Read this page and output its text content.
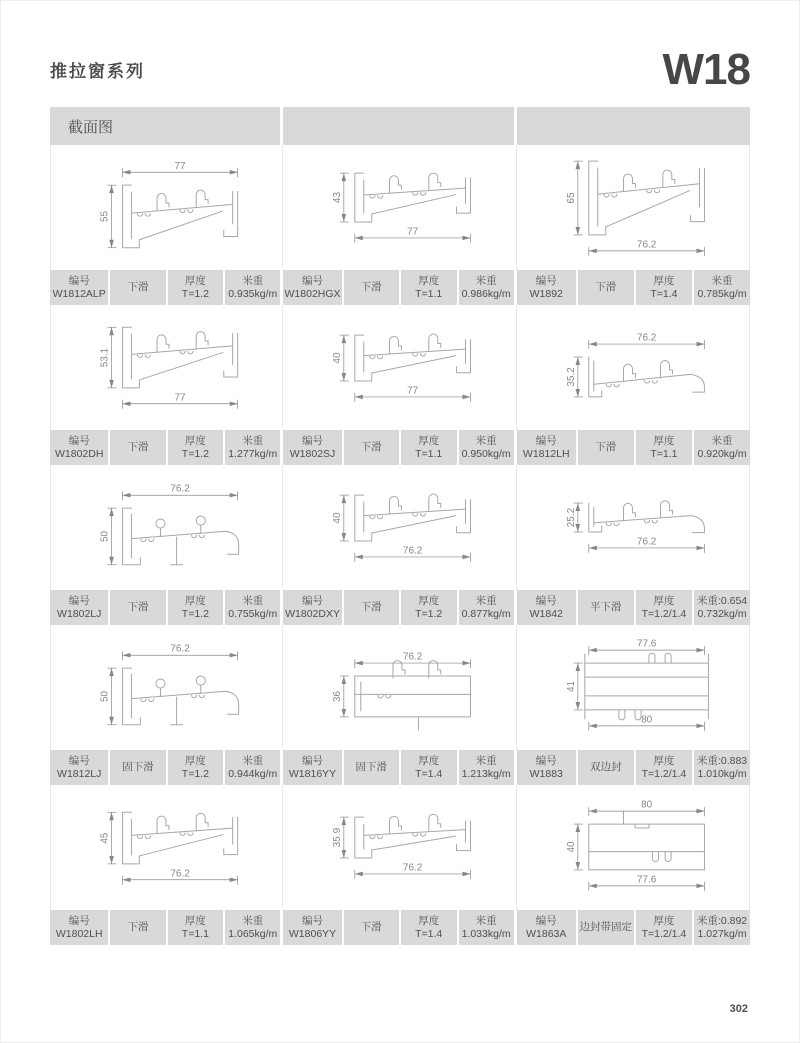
推拉窗系列	W18
截面图
77
55
编号
W1812ALP
下滑
厚度
T=1.2
米重
0.935kg/m
43
77
编号
W1802HGX
下滑
厚度
T=1.1
米重
0.986kg/m
65
76.2
编号
W1892
下滑
厚度
T=1.4
米重
0.785kg/m
53.1
77
编号
W1802DH
下滑
厚度
T=1.2
米重
1.277kg/m
40
77
编号
W1802SJ
下滑
厚度
T=1.1
米重
0.950kg/m
76.2
35.2
编号
W1812LH
下滑
厚度
T=1.1
米重
0.920kg/m
76.2
50
编号
W1802LJ
下滑
厚度
T=1.2
米重
0.755kg/m
40
76.2
编号
W1802DXY
下滑
厚度
T=1.2
米重
0.877kg/m
25.2
76.2
编号
W1842
平下滑
厚度
T=1.2/1.4
米重:0.654
0.732kg/m
76.2
50
编号
W1812LJ
固下滑
厚度
T=1.2
米重
0.944kg/m
76.2
36
编号
W1816YY
固下滑
厚度
T=1.4
米重
1.213kg/m
77.6
41
80
编号
W1883
双边封
厚度
T=1.2/1.4
米重:0.883
1.010kg/m
45
76.2
编号
W1802LH
下滑
厚度
T=1.1
米重
1.065kg/m
35.9
76.2
编号
W1806YY
下滑
厚度
T=1.4
米重
1.033kg/m
80
40
77.6
编号
W1863A
边封带固定
厚度
T=1.2/1.4
米重:0.892
1.027kg/m
302
